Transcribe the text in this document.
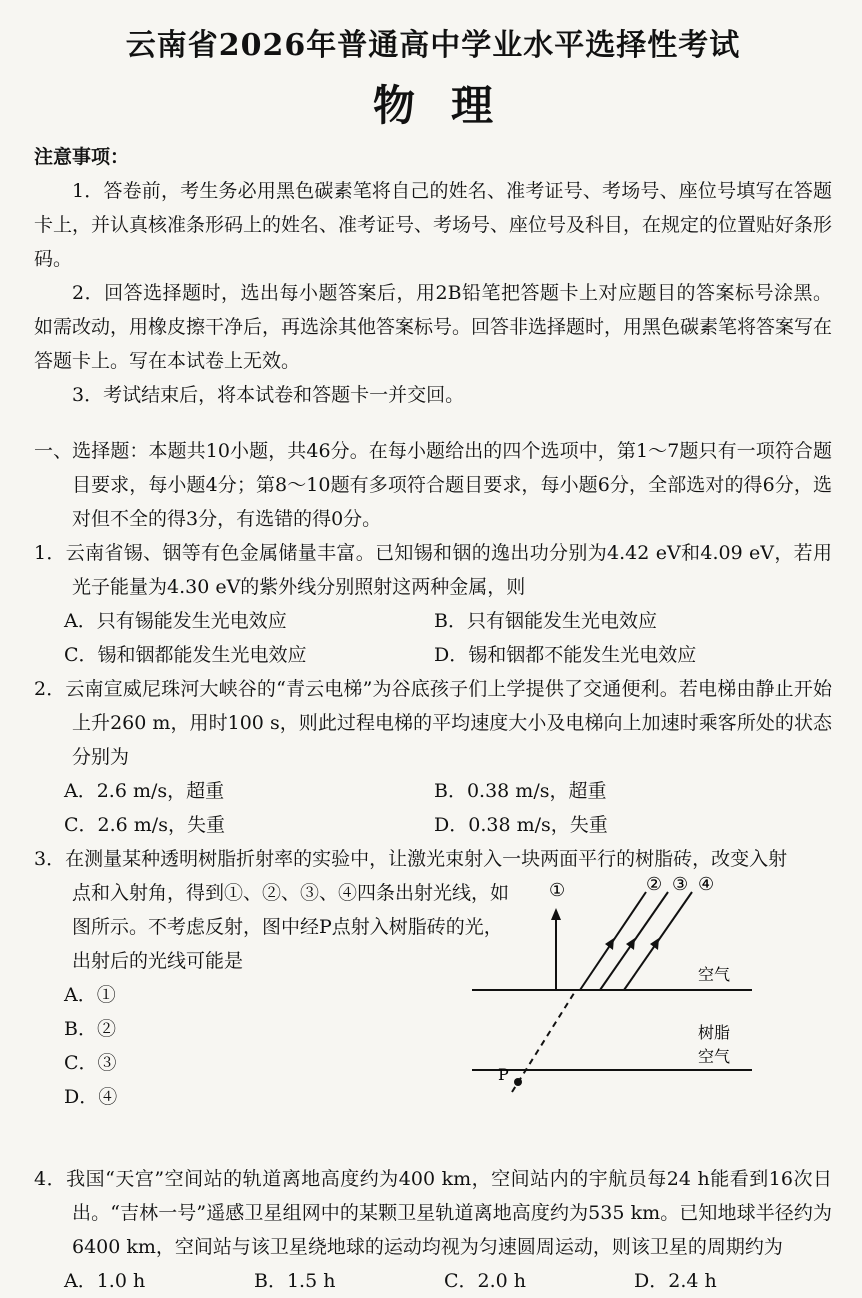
云南省2026年普通高中学业水平选择性考试
物理
注意事项：
1．答卷前，考生务必用黑色碳素笔将自己的姓名、准考证号、考场号、座位号填写在答题卡上，并认真核准条形码上的姓名、准考证号、考场号、座位号及科目，在规定的位置贴好条形码。
2．回答选择题时，选出每小题答案后，用2B铅笔把答题卡上对应题目的答案标号涂黑。如需改动，用橡皮擦干净后，再选涂其他答案标号。回答非选择题时，用黑色碳素笔将答案写在答题卡上。写在本试卷上无效。
3．考试结束后，将本试卷和答题卡一并交回。
一、选择题：本题共10小题，共46分。在每小题给出的四个选项中，第1～7题只有一项符合题目要求，每小题4分；第8～10题有多项符合题目要求，每小题6分，全部选对的得6分，选对但不全的得3分，有选错的得0分。
1．云南省锡、铟等有色金属储量丰富。已知锡和铟的逸出功分别为4.42 eV和4.09 eV，若用光子能量为4.30 eV的紫外线分别照射这两种金属，则
A．只有锡能发生光电效应	B．只有铟能发生光电效应
C．锡和铟都能发生光电效应	D．锡和铟都不能发生光电效应
2．云南宣威尼珠河大峡谷的“青云电梯”为谷底孩子们上学提供了交通便利。若电梯由静止开始上升260 m，用时100 s，则此过程电梯的平均速度大小及电梯向上加速时乘客所处的状态分别为
A．2.6 m/s，超重	B．0.38 m/s，超重
C．2.6 m/s，失重	D．0.38 m/s，失重
3．在测量某种透明树脂折射率的实验中，让激光束射入一块两面平行的树脂砖，改变入射
点和入射角，得到①、②、③、④四条出射光线，如图所示。不考虑反射，图中经P点射入树脂砖的光，出射后的光线可能是
A．①
B．②
C．③
D．④
P
①	② ③ ④
空气
树脂
空气
4．我国“天宫”空间站的轨道离地高度约为400 km，空间站内的宇航员每24 h能看到16次日出。“吉林一号”遥感卫星组网中的某颗卫星轨道离地高度约为535 km。已知地球半径约为6400 km，空间站与该卫星绕地球的运动均视为匀速圆周运动，则该卫星的周期约为
A．1.0 h	B．1.5 h	C．2.0 h	D．2.4 h
